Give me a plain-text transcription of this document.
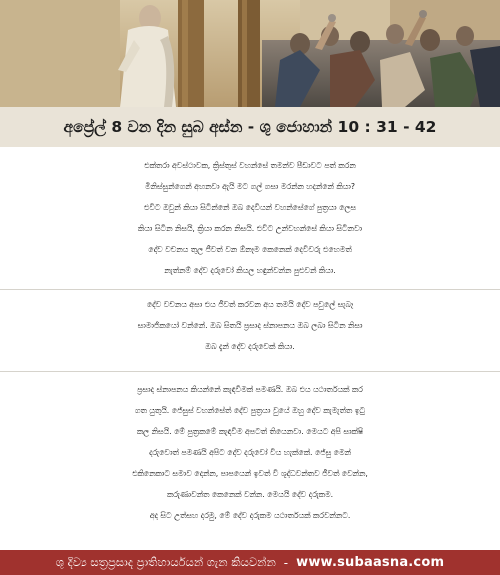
අප්‍රේල් 8 වන දින සුබ අස්න - ශු ජොහාන් 10 : 31 - 42
එක්තරා අවස්ථාවක, ක්‍රිස්තුස් වහන්සේ තමන්ව පීඩාවට පත් කරන
මිනිස්සුන්ගෙන් අහනවා ඇයි මට ගල් ගසා මරන්න හදන්නේ කියා?
එවිට ඔවුන් කියා සිටින්නේ ඔබ දෙවියන් වහන්සේගේ පුත්‍රයා ලෙස
කියා සිටින නිසයි, ක්‍රියා කරන නිසයි. එවිට උන්වහන්සේ කියා සිටිනවා
දේව වචනය තුල ජීවත් වන ඕනෑම කෙනෙක් දෙවිවරු එහෙමත්
නැත්නම් දේව දරුවෝ කියල හඳුන්වන්න පුළුවන් කියා.
දේව වචනය අසා එය ජීවත් කරවන අය තමයි දේව පවුලේ සැබෑ
සාමාජිකයෝ වන්නේ. ඔබ සිතයි ප්‍රසාද ස්නාපනය ඔබ ලබා සිටින නිසා
ඔබ දැන් දේව දරුවෙක් කියා.
ප්‍රසාද ස්නාපනය කියන්නේ කැඳවීමක් පමණයි. ඔබ එය යථාර්තයක් කර
ගත යුතුයි. ජේසුස් වහන්සේත් දේව පුත්‍රයා වුයේ ඔහු දේව කැමැත්ත ඉටු
කල නිසයි. මේ පුත්‍රකමේ කැඳවීම අපටත් තියෙනවා. මෙයට අපි සාක්ෂි
දරුවොත් පමණයි අපිට දේව දරුවෝ විය හැක්කේ. ජේසු මෙන්
එකිනෙකාට සමාව දෙන්න, පාපයෙන් ඉවත් වී ශුද්ධවන්තව ජීවත් වෙන්න,
කරුණාවන්ත කෙනෙක් වන්න. මෙයයි දේව දරුකම.
අද සිට උත්සහ දරමු, මේ දේව දරුකම යථාර්තයක් කරවන්නට.
ශු දිව්‍ය සත්‍රප්‍රසාද ප්‍රාතිහාර්යයන් ගැන කියවන්න - www.subaasna.com
